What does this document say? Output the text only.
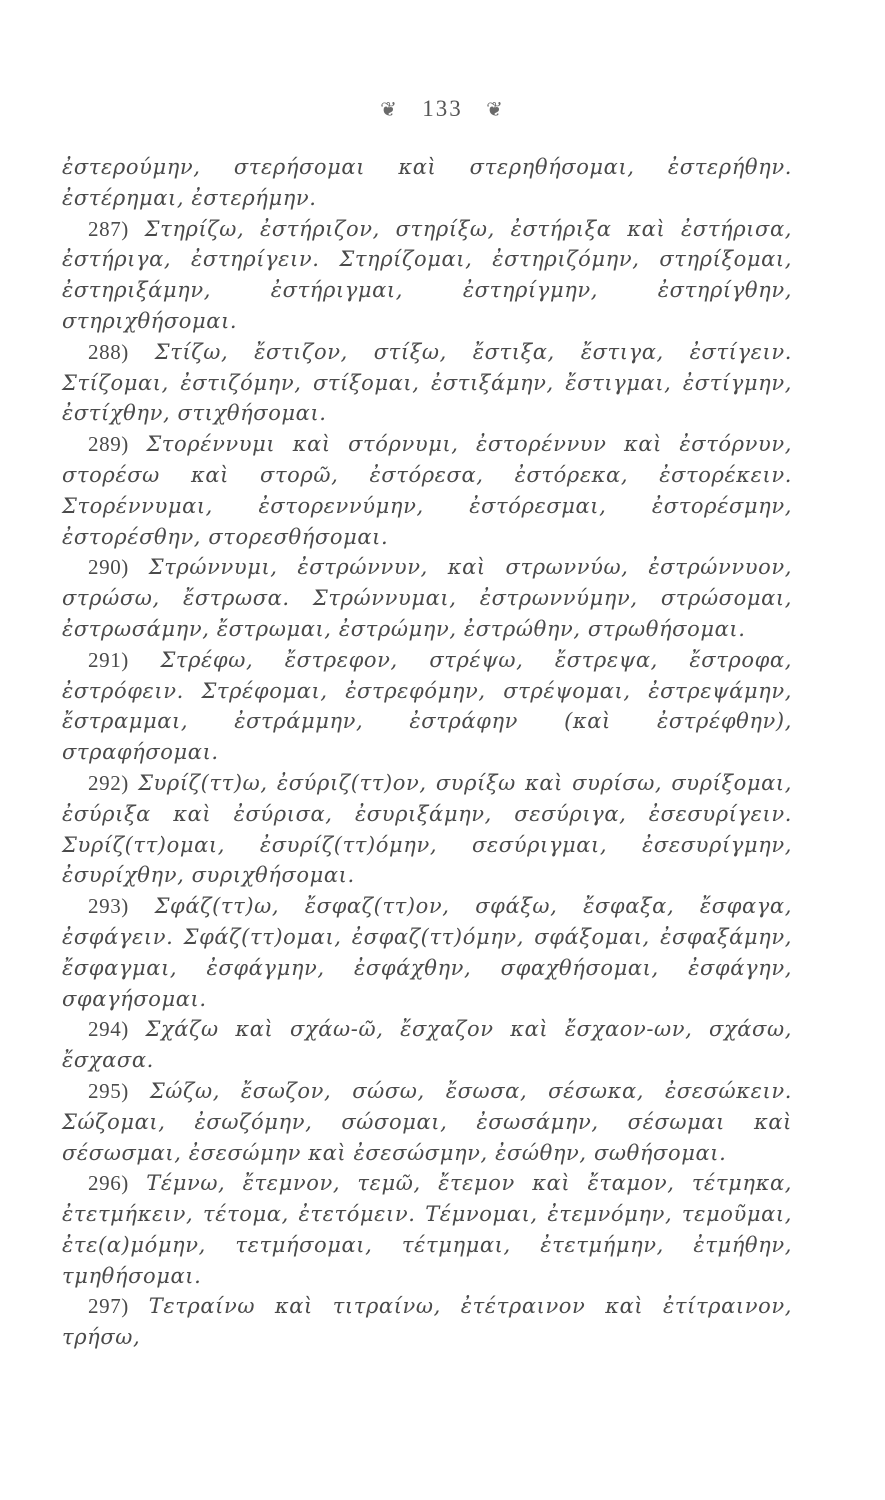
❦ 133 ❦

ἐστερούμην, στερήσομαι καὶ στερηθήσομαι, ἐστερήθην. ἐστέρημαι, ἐστερήμην.

287) Στηρίζω, ἐστήριζον, στηρίξω, ἐστήριξα καὶ ἐστήρισα, ἐστήριγα, ἐστηρίγειν. Στηρίζομαι, ἐστηριζόμην, στηρίξομαι, ἐστηριξάμην, ἐστήριγμαι, ἐστηρίγμην, ἐστηρίγθην, στηριχθήσομαι.

288) Στίζω, ἔστιζον, στίξω, ἔστιξα, ἔστιγα, ἐστίγειν. Στίζομαι, ἐστιζόμην, στίξομαι, ἐστιξάμην, ἔστιγμαι, ἐστίγμην, ἐστίχθην, στιχθήσομαι.

289) Στορέννυμι καὶ στόρνυμι, ἐστορέννυν καὶ ἐστόρνυν, στορέσω καὶ στορῶ, ἐστόρεσα, ἐστόρεκα, ἐστορέκειν. Στορέννυμαι, ἐστορεννύμην, ἐστόρεσμαι, ἐστορέσμην, ἐστορέσθην, στορεσθήσομαι.

290) Στρώννυμι, ἐστρώννυν, καὶ στρωννύω, ἐστρώννυον, στρώσω, ἔστρωσα. Στρώννυμαι, ἐστρωννύμην, στρώσομαι, ἐστρωσάμην, ἔστρωμαι, ἐστρώμην, ἐστρώθην, στρωθήσομαι.

291) Στρέφω, ἔστρεφον, στρέψω, ἔστρεψα, ἔστροφα, ἐστρόφειν. Στρέφομαι, ἐστρεφόμην, στρέψομαι, ἐστρεψάμην, ἔστραμμαι, ἐστράμμην, ἐστράφην (καὶ ἐστρέφθην), στραφήσομαι.

292) Συρίζ(ττ)ω, ἐσύριζ(ττ)ον, συρίξω καὶ συρίσω, συρίξομαι, ἐσύριξα καὶ ἐσύρισα, ἐσυριξάμην, σεσύριγα, ἐσεσυρίγειν. Συρίζ(ττ)ομαι, ἐσυρίζ(ττ)όμην, σεσύριγμαι, ἐσεσυρίγμην, ἐσυρίχθην, συριχθήσομαι.

293) Σφάζ(ττ)ω, ἔσφαζ(ττ)ον, σφάξω, ἔσφαξα, ἔσφαγα, ἐσφάγειν. Σφάζ(ττ)ομαι, ἐσφαζ(ττ)όμην, σφάξομαι, ἐσφαξάμην, ἔσφαγμαι, ἐσφάγμην, ἐσφάχθην, σφαχθήσομαι, ἐσφάγην, σφαγήσομαι.

294) Σχάζω καὶ σχάω-ῶ, ἔσχαζον καὶ ἔσχαον-ων, σχάσω, ἔσχασα.

295) Σώζω, ἔσωζον, σώσω, ἔσωσα, σέσωκα, ἐσεσώκειν. Σώζομαι, ἐσωζόμην, σώσομαι, ἐσωσάμην, σέσωμαι καὶ σέσωσμαι, ἐσεσώμην καὶ ἐσεσώσμην, ἐσώθην, σωθήσομαι.

296) Τέμνω, ἔτεμνον, τεμῶ, ἔτεμον καὶ ἔταμον, τέτμηκα, ἐτετμήκειν, τέτομα, ἐτετόμειν. Τέμνομαι, ἐτεμνόμην, τεμοῦμαι, ἐτε(α)μόμην, τετμήσομαι, τέτμημαι, ἐτετμήμην, ἐτμήθην, τμηθήσομαι.

297) Τετραίνω καὶ τιτραίνω, ἐτέτραινον καὶ ἐτίτραινον, τρήσω,
